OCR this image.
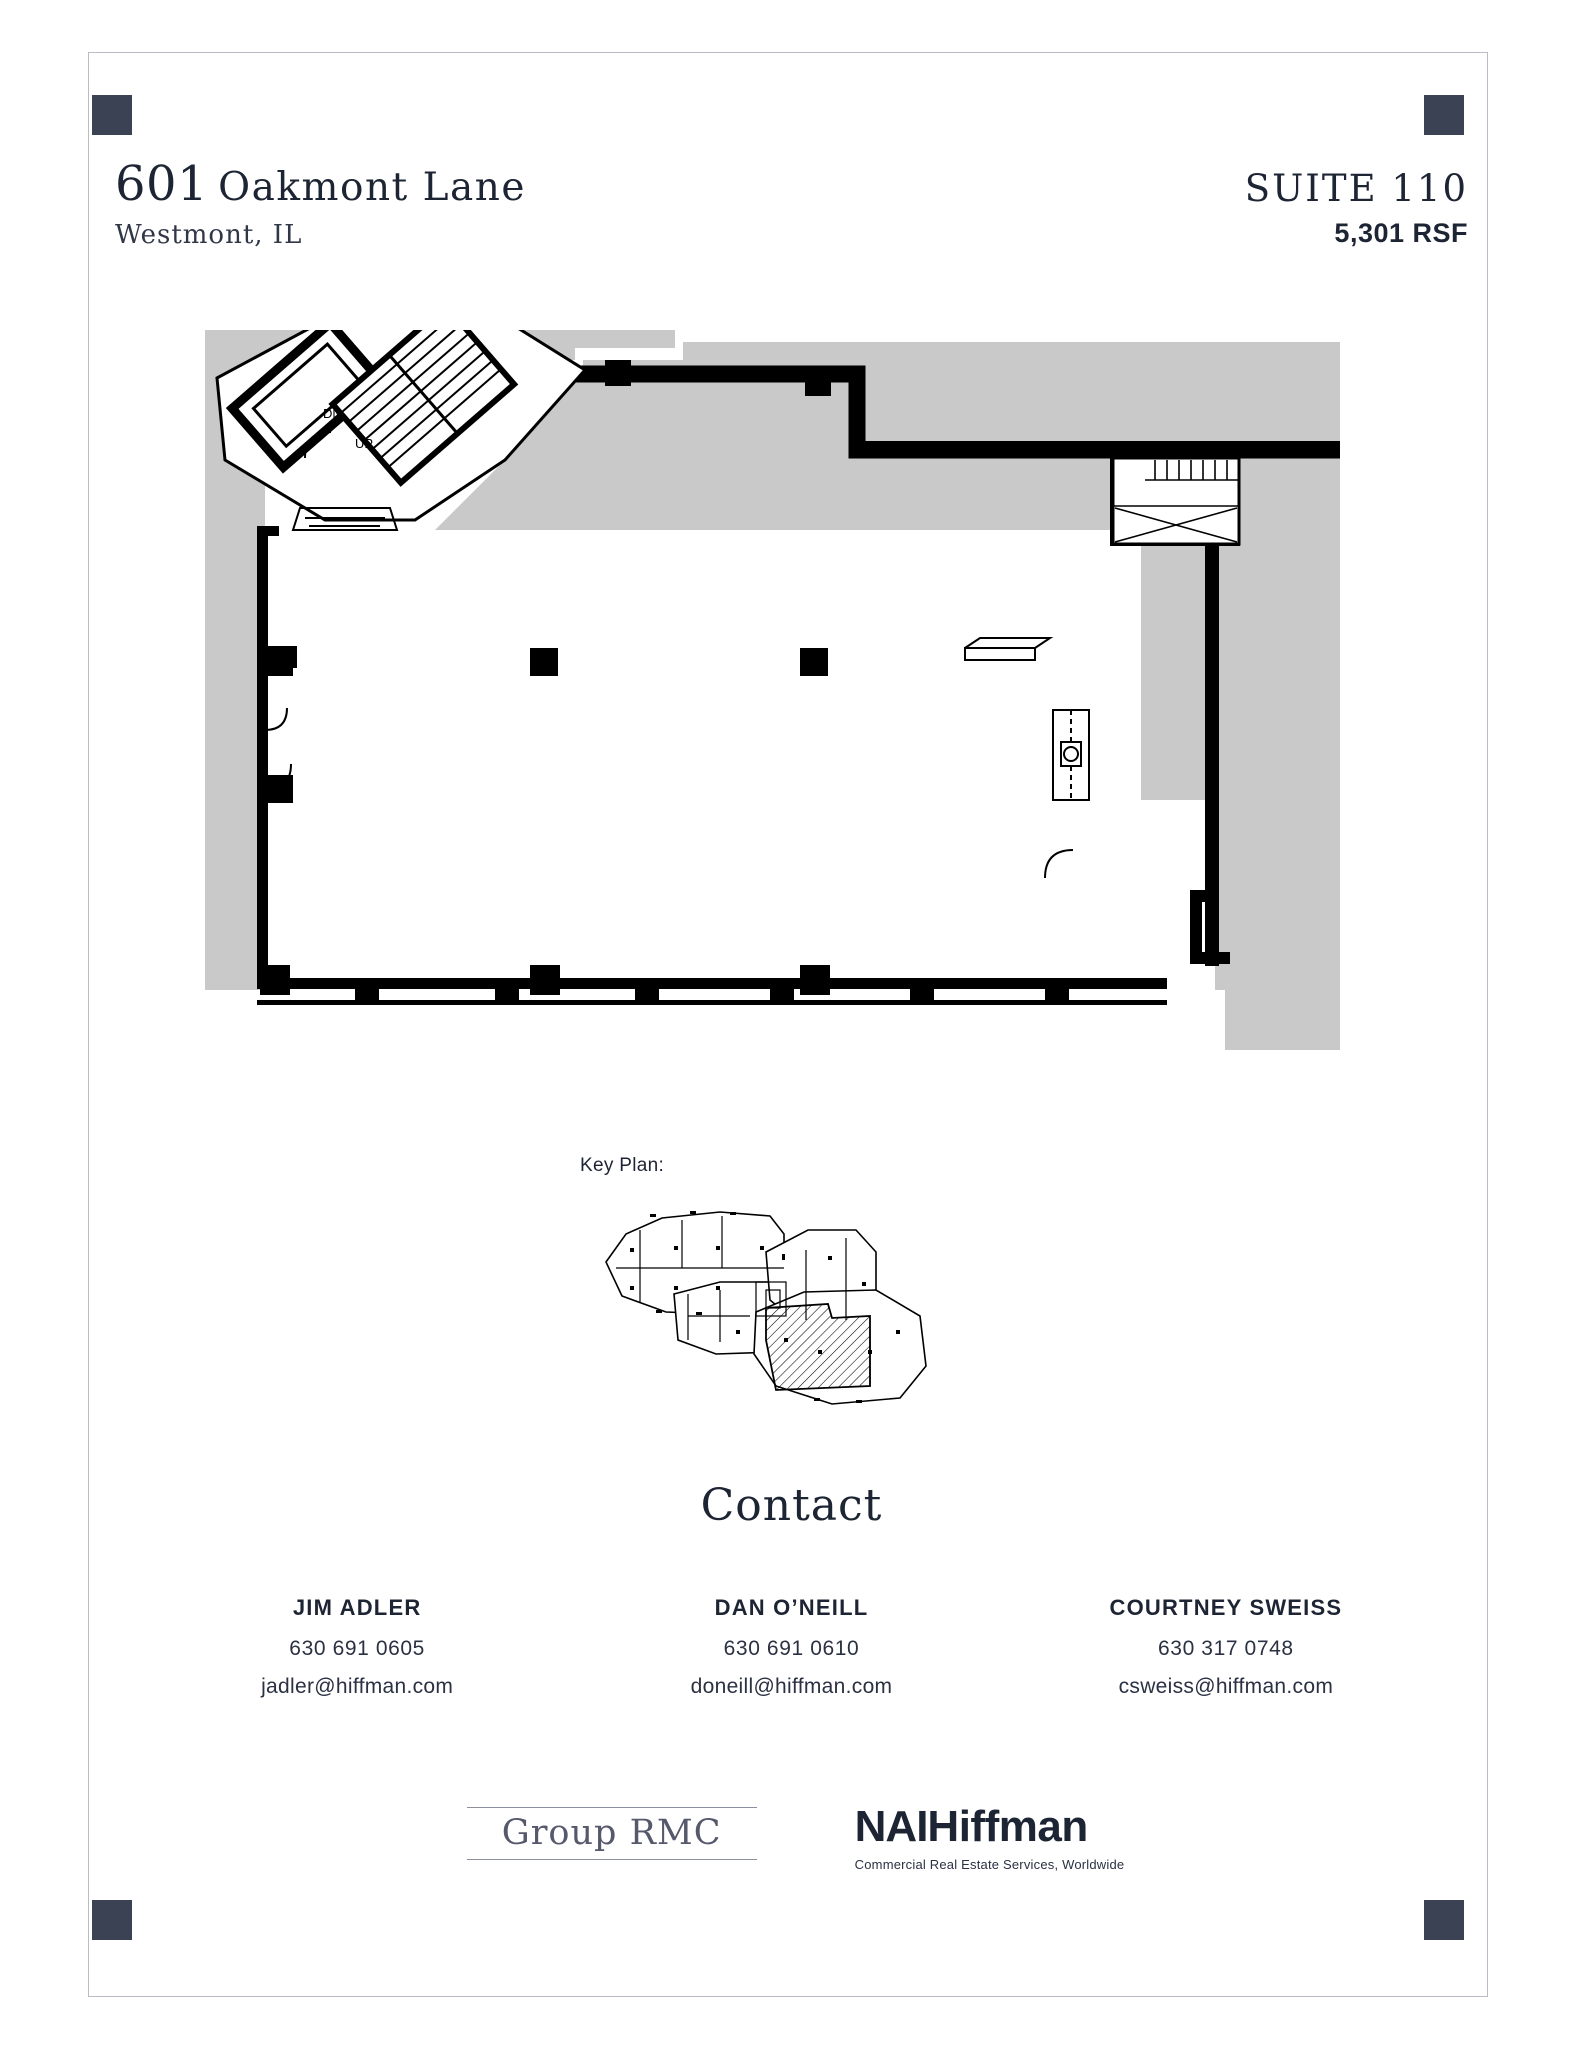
601 Oakmont Lane
Westmont, IL
SUITE 110
5,301 RSF
DN
UP
Key Plan:
Contact
JIM ADLER
630 691 0605
jadler@hiffman.com
DAN O’NEILL
630 691 0610
doneill@hiffman.com
COURTNEY SWEISS
630 317 0748
csweiss@hiffman.com
Group RMC	NAI Hiffman
Commercial Real Estate Services, Worldwide
